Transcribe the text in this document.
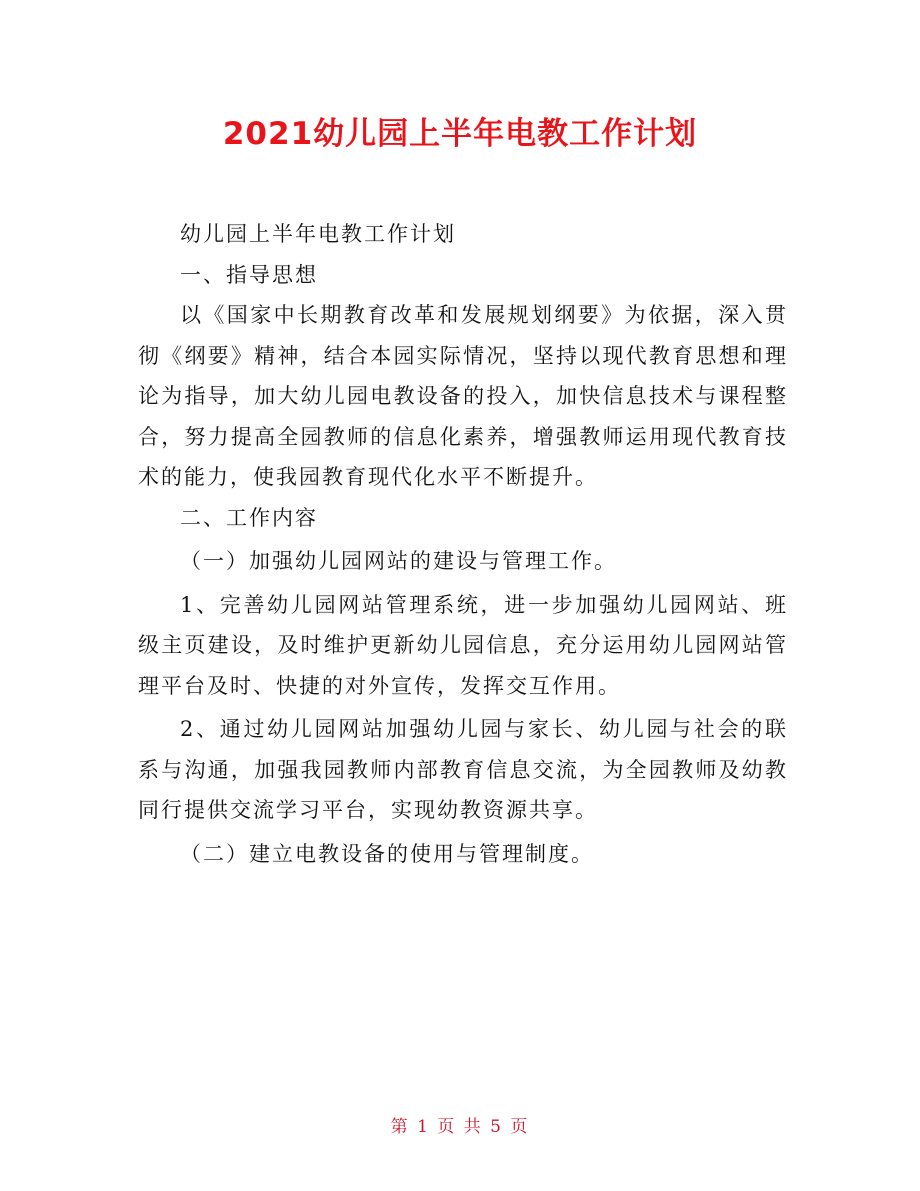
2021幼儿园上半年电教工作计划

幼儿园上半年电教工作计划

一、指导思想

以《国家中长期教育改革和发展规划纲要》为依据，深入贯彻《纲要》精神，结合本园实际情况，坚持以现代教育思想和理论为指导，加大幼儿园电教设备的投入，加快信息技术与课程整合，努力提高全园教师的信息化素养，增强教师运用现代教育技术的能力，使我园教育现代化水平不断提升。

二、工作内容

（一）加强幼儿园网站的建设与管理工作。

1、完善幼儿园网站管理系统，进一步加强幼儿园网站、班级主页建设，及时维护更新幼儿园信息，充分运用幼儿园网站管理平台及时、快捷的对外宣传，发挥交互作用。

2、通过幼儿园网站加强幼儿园与家长、幼儿园与社会的联系与沟通，加强我园教师内部教育信息交流，为全园教师及幼教同行提供交流学习平台，实现幼教资源共享。

（二）建立电教设备的使用与管理制度。

第 1 页 共 5 页
